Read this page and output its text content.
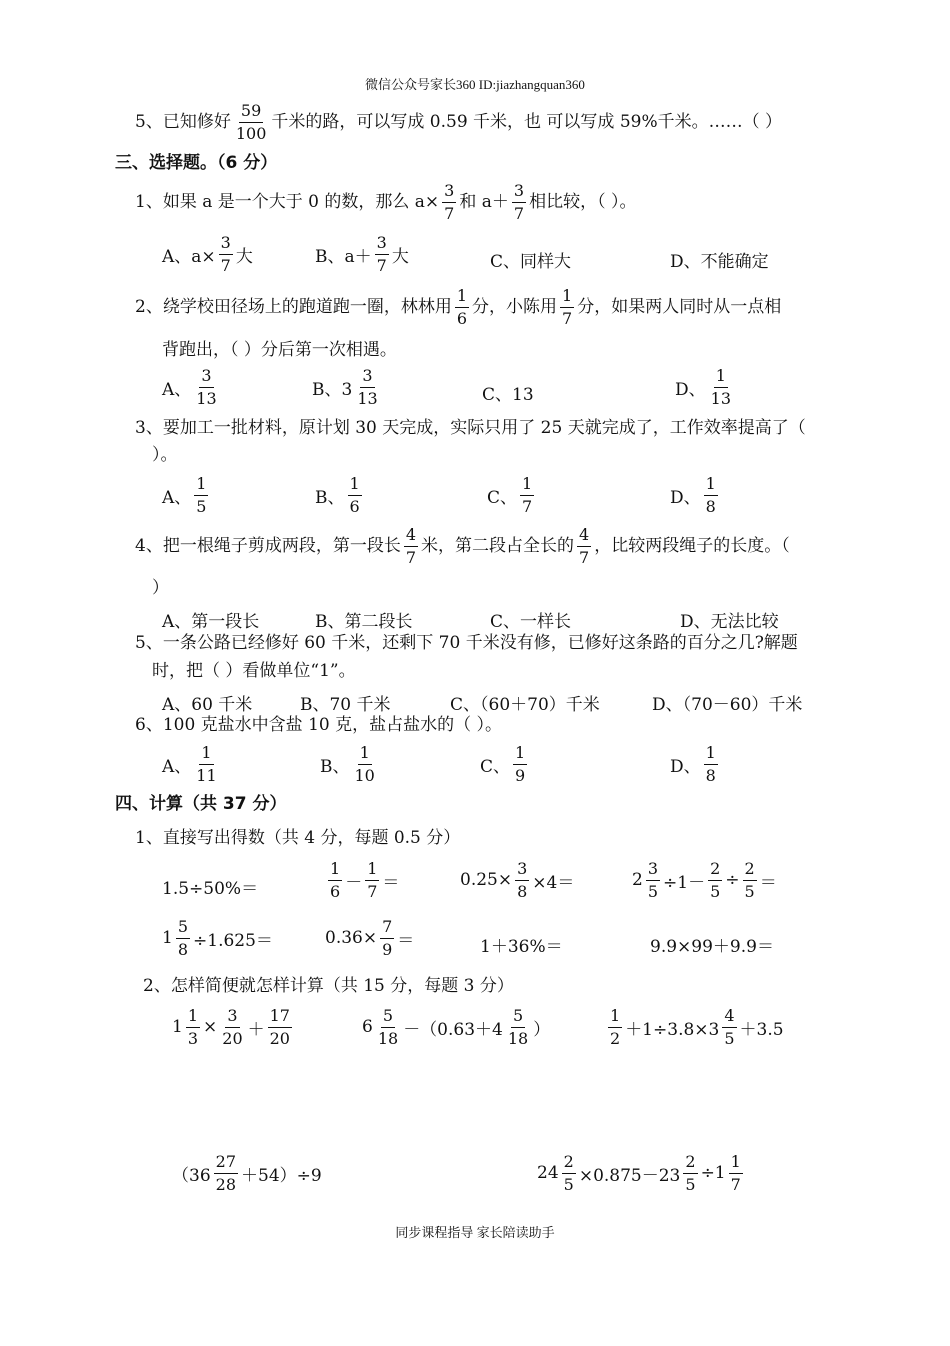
微信公众号家长360 ID:jiazhangquan360
5、已知修好 $\frac{59}{100}$ 千米的路，可以写成 0.59 千米，也 可以写成 59%千米。……（ ）
三、选择题。（6 分）
1、如果 a 是一个大于 0 的数，那么 $a\times \frac{3}{7}$ 和 $a+ \frac{3}{7}$ 相比较，（ ）。
A、$a\times \frac{3}{7}$ 大	B、$a+ \frac{3}{7}$ 大	C、同样大	D、不能确定
2、绕学校田径场上的跑道跑一圈，林林用 $\frac{1}{6}$ 分，小陈用 $\frac{1}{7}$ 分，如果两人同时从一点相
背跑出，（ ）分后第一次相遇。
A、 $\frac{3}{13}$	B、$3 \frac{3}{13}$	C、13	D、 $\frac{1}{13}$
3、要加工一批材料，原计划 30 天完成，实际只用了 25 天就完成了，工作效率提高了（
）。
A、 $\frac{1}{5}$	B、 $\frac{1}{6}$	C、 $\frac{1}{7}$	D、 $\frac{1}{8}$
4、把一根绳子剪成两段，第一段长 $\frac{4}{7}$ 米，第二段占全长的 $\frac{4}{7}$ ，比较两段绳子的长度。（
）
A、第一段长	B、第二段长	C、一样长	D、无法比较
5、一条公路已经修好 60 千米，还剩下 70 千米没有修，已修好这条路的百分之几?解题
时，把（ ）看做单位“1”。
A、60 千米	B、70 千米	C、（60＋70）千米	D、（70－60）千米
6、100 克盐水中含盐 10 克，盐占盐水的（ ）。
A、 $\frac{1}{11}$	B、 $\frac{1}{10}$	C、 $\frac{1}{9}$	D、 $\frac{1}{8}$
四、计算（共 37 分）
1、直接写出得数（共 4 分，每题 0.5 分）
1.5÷50%＝	$\frac{1}{6} - \frac{1}{7}$ ＝	$0.25\times \frac{3}{8} \times 4=$	$2 \frac{3}{5} \div 1- \frac{2}{5} \div \frac{2}{5}$ ＝
$1 \frac{5}{8} \div 1.625=$	$0.36\times \frac{7}{9}$ ＝	1＋36%＝	9.9×99＋9.9＝
2、怎样简便就怎样计算（共 15 分，每题 3 分）
$1 \frac{1}{3} \times \frac{3}{20} + \frac{17}{20}$	$6 \frac{5}{18} -(0.63+4 \frac{5}{18}$ ）	$\frac{1}{2} +1\div 3.8\times 3 \frac{4}{5} +3.5$
$(36 \frac{27}{28} +54)\div 9$	$24 \frac{2}{5} \times 0.875-23 \frac{2}{5} \div 1 \frac{1}{7}$
同步课程指导 家长陪读助手
